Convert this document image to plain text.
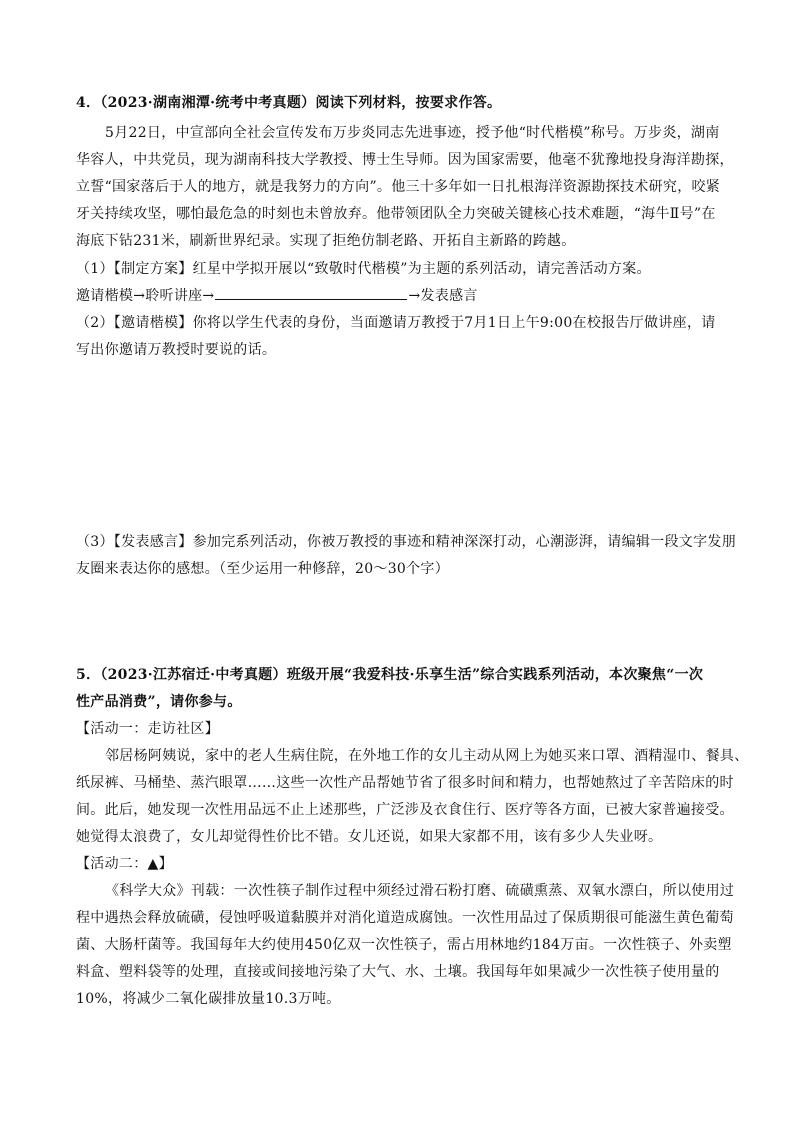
4．（2023·湖南湘潭·统考中考真题）阅读下列材料，按要求作答。
5月22日，中宣部向全社会宣传发布万步炎同志先进事迹，授予他“时代楷模”称号。万步炎，湖南
华容人，中共党员，现为湖南科技大学教授、博士生导师。因为国家需要，他毫不犹豫地投身海洋勘探，
立誓“国家落后于人的地方，就是我努力的方向”。他三十多年如一日扎根海洋资源勘探技术研究，咬紧
牙关持续攻坚，哪怕最危急的时刻也未曾放弃。他带领团队全力突破关键核心技术难题，“海牛Ⅱ号”在
海底下钻231米，刷新世界纪录。实现了拒绝仿制老路、开拓自主新路的跨越。
（1）【制定方案】红星中学拟开展以“致敬时代楷模”为主题的系列活动，请完善活动方案。
邀请楷模→聆听讲座→	→发表感言
（2）【邀请楷模】你将以学生代表的身份，当面邀请万教授于7月1日上午9:00在校报告厅做讲座，请
写出你邀请万教授时要说的话。
（3）【发表感言】参加完系列活动，你被万教授的事迹和精神深深打动，心潮澎湃，请编辑一段文字发朋
友圈来表达你的感想。（至少运用一种修辞，20～30个字）
5．（2023·江苏宿迁·中考真题）班级开展“我爱科技·乐享生活”综合实践系列活动，本次聚焦“一次
性产品消费”，请你参与。
【活动一：走访社区】
邻居杨阿姨说，家中的老人生病住院，在外地工作的女儿主动从网上为她买来口罩、酒精湿巾、餐具、
纸尿裤、马桶垫、蒸汽眼罩……这些一次性产品帮她节省了很多时间和精力，也帮她熬过了辛苦陪床的时
间。此后，她发现一次性用品远不止上述那些，广泛涉及衣食住行、医疗等各方面，已被大家普遍接受。
她觉得太浪费了，女儿却觉得性价比不错。女儿还说，如果大家都不用，该有多少人失业呀。
【活动二：▲】
《科学大众》刊载：一次性筷子制作过程中须经过滑石粉打磨、硫磺熏蒸、双氧水漂白，所以使用过
程中遇热会释放硫磺，侵蚀呼吸道黏膜并对消化道造成腐蚀。一次性用品过了保质期很可能滋生黄色葡萄
菌、大肠杆菌等。我国每年大约使用450亿双一次性筷子，需占用林地约184万亩。一次性筷子、外卖塑
料盒、塑料袋等的处理，直接或间接地污染了大气、水、土壤。我国每年如果减少一次性筷子使用量的
10%，将减少二氧化碳排放量10.3万吨。
